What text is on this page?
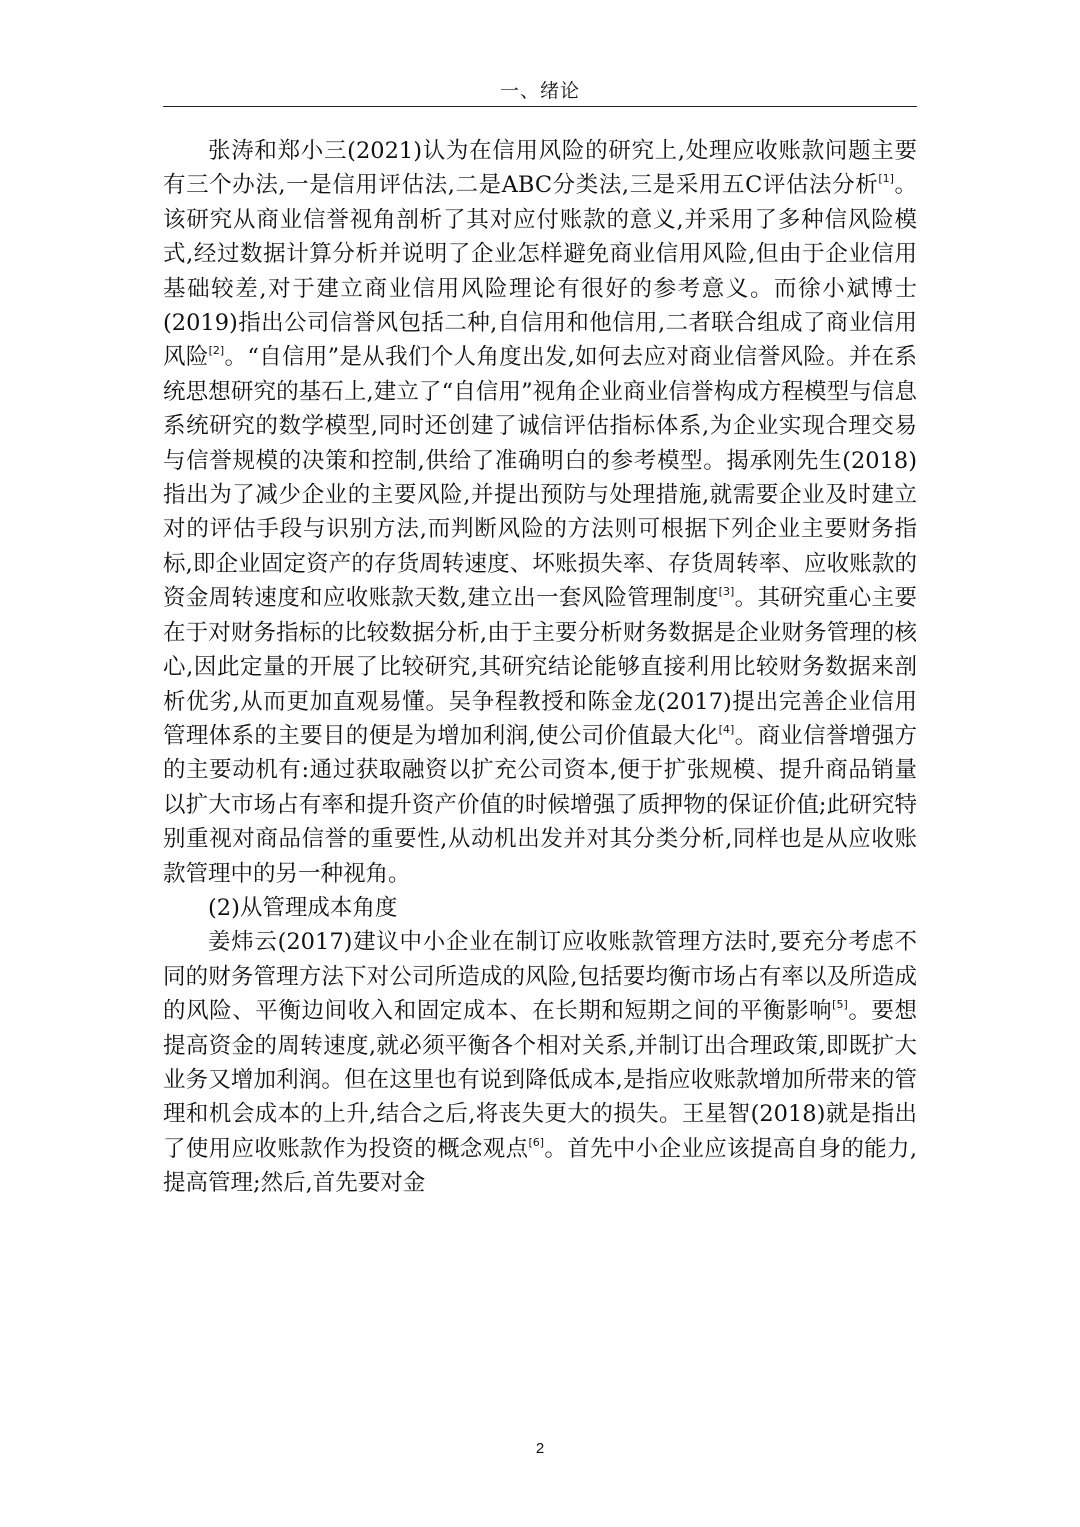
一、绪论

张涛和郑小三(2021)认为在信用风险的研究上,处理应收账款问题主要有三个办法,一是信用评估法,二是ABC分类法,三是采用五C评估法分析[1]。该研究从商业信誉视角剖析了其对应付账款的意义,并采用了多种信风险模式,经过数据计算分析并说明了企业怎样避免商业信用风险,但由于企业信用基础较差,对于建立商业信用风险理论有很好的参考意义。而徐小斌博士(2019)指出公司信誉风包括二种,自信用和他信用,二者联合组成了商业信用风险[2]。“自信用”是从我们个人角度出发,如何去应对商业信誉风险。并在系统思想研究的基石上,建立了“自信用”视角企业商业信誉构成方程模型与信息系统研究的数学模型,同时还创建了诚信评估指标体系,为企业实现合理交易与信誉规模的决策和控制,供给了准确明白的参考模型。揭承刚先生(2018)指出为了减少企业的主要风险,并提出预防与处理措施,就需要企业及时建立对的评估手段与识别方法,而判断风险的方法则可根据下列企业主要财务指标,即企业固定资产的存货周转速度、坏账损失率、存货周转率、应收账款的资金周转速度和应收账款天数,建立出一套风险管理制度[3]。其研究重心主要在于对财务指标的比较数据分析,由于主要分析财务数据是企业财务管理的核心,因此定量的开展了比较研究,其研究结论能够直接利用比较财务数据来剖析优劣,从而更加直观易懂。吴争程教授和陈金龙(2017)提出完善企业信用管理体系的主要目的便是为增加利润,使公司价值最大化[4]。商业信誉增强方的主要动机有:通过获取融资以扩充公司资本,便于扩张规模、提升商品销量以扩大市场占有率和提升资产价值的时候增强了质押物的保证价值;此研究特别重视对商品信誉的重要性,从动机出发并对其分类分析,同样也是从应收账款管理中的另一种视角。

(2)从管理成本角度

姜炜云(2017)建议中小企业在制订应收账款管理方法时,要充分考虑不同的财务管理方法下对公司所造成的风险,包括要均衡市场占有率以及所造成的风险、平衡边间收入和固定成本、在长期和短期之间的平衡影响[5]。要想提高资金的周转速度,就必须平衡各个相对关系,并制订出合理政策,即既扩大业务又增加利润。但在这里也有说到降低成本,是指应收账款增加所带来的管理和机会成本的上升,结合之后,将丧失更大的损失。王星智(2018)就是指出了使用应收账款作为投资的概念观点[6]。首先中小企业应该提高自身的能力,提高管理;然后,首先要对金

2
